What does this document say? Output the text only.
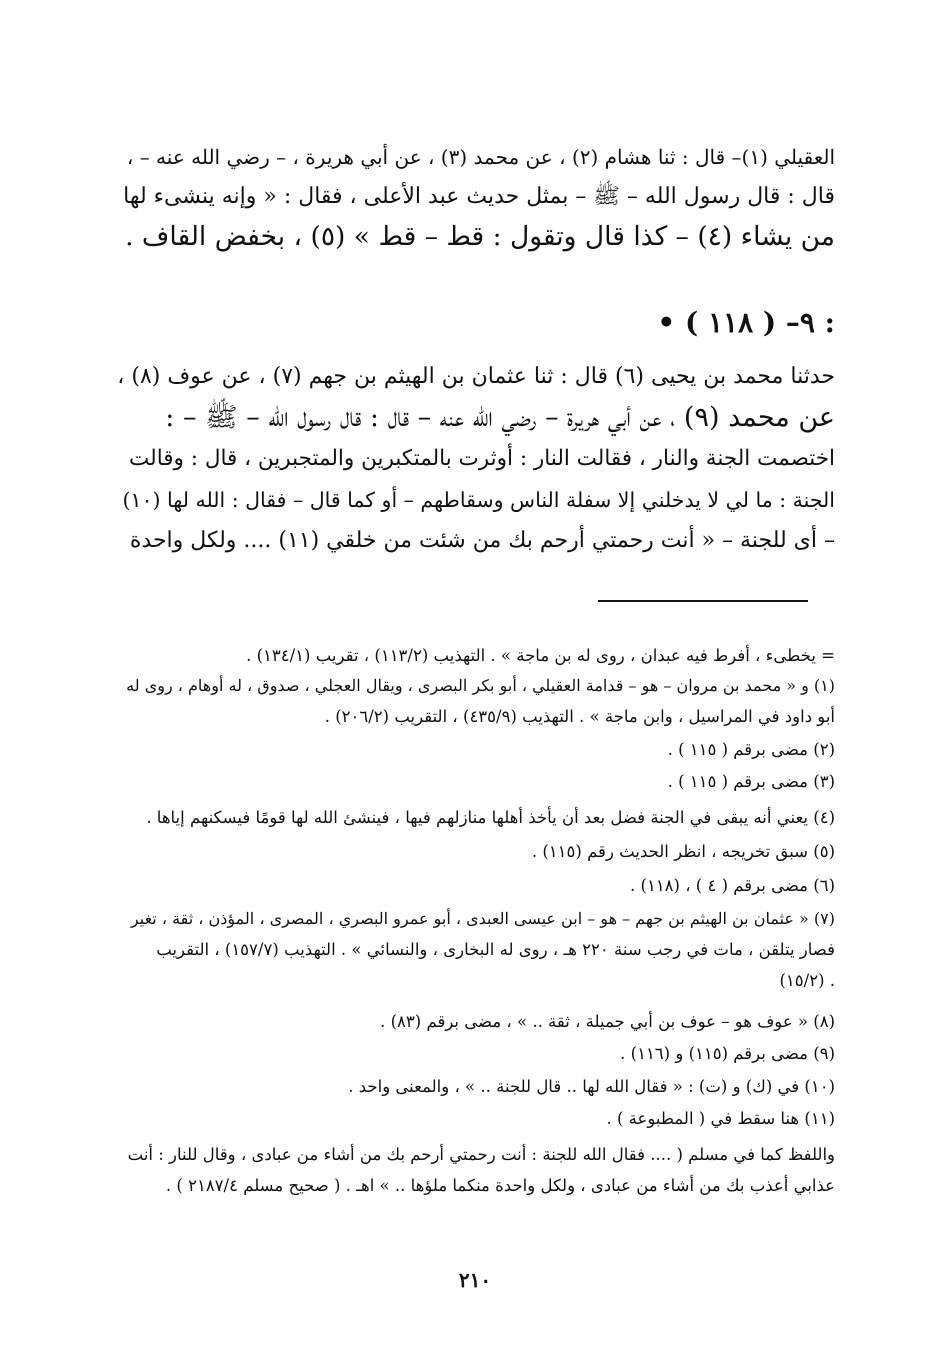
العقيلي (١)– قال : ثنا هشام (٢) ، عن محمد (٣) ، عن أبي هريرة ، – رضي الله عنه – ،
قال : قال رسول الله – ﷺ – بمثل حديث عبد الأعلى ، فقال : « وإنه ينشىء لها
من يشاء (٤) – كذا قال وتقول : قط – قط » (٥) ، بخفض القاف .
• ٩– ( ١١٨ ) :
حدثنا محمد بن يحيى (٦) قال : ثنا عثمان بن الهيثم بن جهم (٧) ، عن عوف (٨) ،
عن محمد (٩) ، عن أبي هريرة – رضي الله عنه – قال : قال رسول الله – ﷺ – :
اختصمت الجنة والنار ، فقالت النار : أوثرت بالمتكبرين والمتجبرين ، قال : وقالت
الجنة : ما لي لا يدخلني إلا سفلة الناس وسقاطهم – أو كما قال – فقال : الله لها (١٠)
– أى للجنة – « أنت رحمتي أرحم بك من شئت من خلقي (١١) .... ولكل واحدة
= يخطىء ، أفرط فيه عبدان ، روى له بن ماجة » . التهذيب (١١٣/٢) ، تقريب (١٣٤/١) .
(١) و « محمد بن مروان – هو – قدامة العقيلي ، أبو بكر البصرى ، ويقال العجلي ، صدوق ، له أوهام ، روى له
أبو داود في المراسيل ، وابن ماجة » . التهذيب (٤٣٥/٩) ، التقريب (٢٠٦/٢) .
(٢) مضى برقم ( ١١٥ ) .
(٣) مضى برقم ( ١١٥ ) .
(٤) يعني أنه يبقى في الجنة فضل بعد أن يأخذ أهلها منازلهم فيها ، فينشئ الله لها قومًا فيسكنهم إياها .
(٥) سبق تخريجه ، انظر الحديث رقم (١١٥) .
(٦) مضى برقم ( ٤ ) ، (١١٨) .
(٧) « عثمان بن الهيثم بن جهم – هو – ابن عيسى العبدى ، أبو عمرو البصري ، المصرى ، المؤذن ، ثقة ، تغير
فصار يتلقن ، مات في رجب سنة ٢٢٠ هـ ، روى له البخارى ، والنسائي » . التهذيب (١٥٧/٧) ، التقريب
(١٥/٢) .
(٨) « عوف هو – عوف بن أبي جميلة ، ثقة .. » ، مضى برقم (٨٣) .
(٩) مضى برقم (١١٥) و (١١٦) .
(١٠) في (ك) و (ت) : « فقال الله لها .. قال للجنة .. » ، والمعنى واحد .
(١١) هنا سقط في ( المطبوعة ) .
واللفظ كما في مسلم ( .... فقال الله للجنة : أنت رحمتي أرحم بك من أشاء من عبادى ، وقال للنار : أنت
عذابي أعذب بك من أشاء من عبادى ، ولكل واحدة منكما ملؤها .. » اهـ . ( صحيح مسلم ٢١٨٧/٤ ) .
٢١٠
